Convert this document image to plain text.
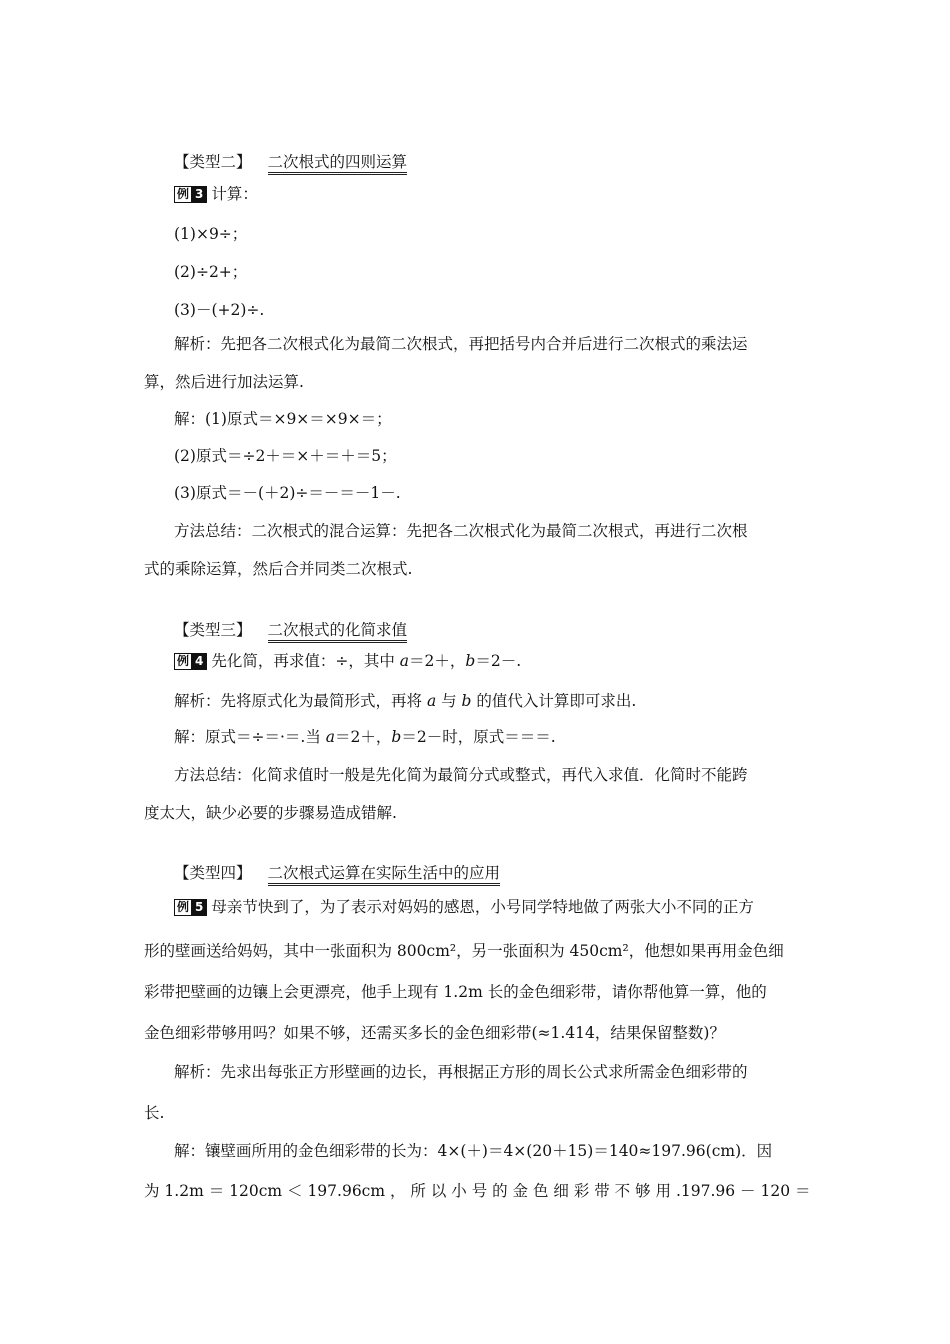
【类型二】 二次根式的四则运算
例 3 计算：
(1)×9÷；
(2)÷2+；
(3)－(+2)÷.
解析：先把各二次根式化为最简二次根式，再把括号内合并后进行二次根式的乘法运
算，然后进行加法运算.
解：(1)原式＝×9×＝×9×＝；
(2)原式＝÷2＋＝×＋＝＋＝5；
(3)原式＝－(＋2)÷＝－＝－1－.
方法总结：二次根式的混合运算：先把各二次根式化为最简二次根式，再进行二次根
式的乘除运算，然后合并同类二次根式.
【类型三】 二次根式的化简求值
例 4 先化简，再求值：÷，其中 a＝2＋，b＝2－.
解析：先将原式化为最简形式，再将 a 与 b 的值代入计算即可求出.
解：原式＝÷＝·＝.当 a＝2＋，b＝2－时，原式＝＝＝.
方法总结：化简求值时一般是先化简为最简分式或整式，再代入求值．化简时不能跨
度太大，缺少必要的步骤易造成错解.
【类型四】 二次根式运算在实际生活中的应用
例 5 母亲节快到了，为了表示对妈妈的感恩，小号同学特地做了两张大小不同的正方
形的壁画送给妈妈，其中一张面积为 800cm²，另一张面积为 450cm²，他想如果再用金色细
彩带把壁画的边镶上会更漂亮，他手上现有 1.2m 长的金色细彩带，请你帮他算一算，他的
金色细彩带够用吗？如果不够，还需买多长的金色细彩带(≈1.414，结果保留整数)？
解析：先求出每张正方形壁画的边长，再根据正方形的周长公式求所需金色细彩带的
长.
解：镶壁画所用的金色细彩带的长为：4×(＋)＝4×(20＋15)＝140≈197.96(cm)．因
为 1.2m ＝ 120cm ＜ 197.96cm ， 所 以 小 号 的 金 色 细 彩 带 不 够 用 .197.96 － 120 ＝
